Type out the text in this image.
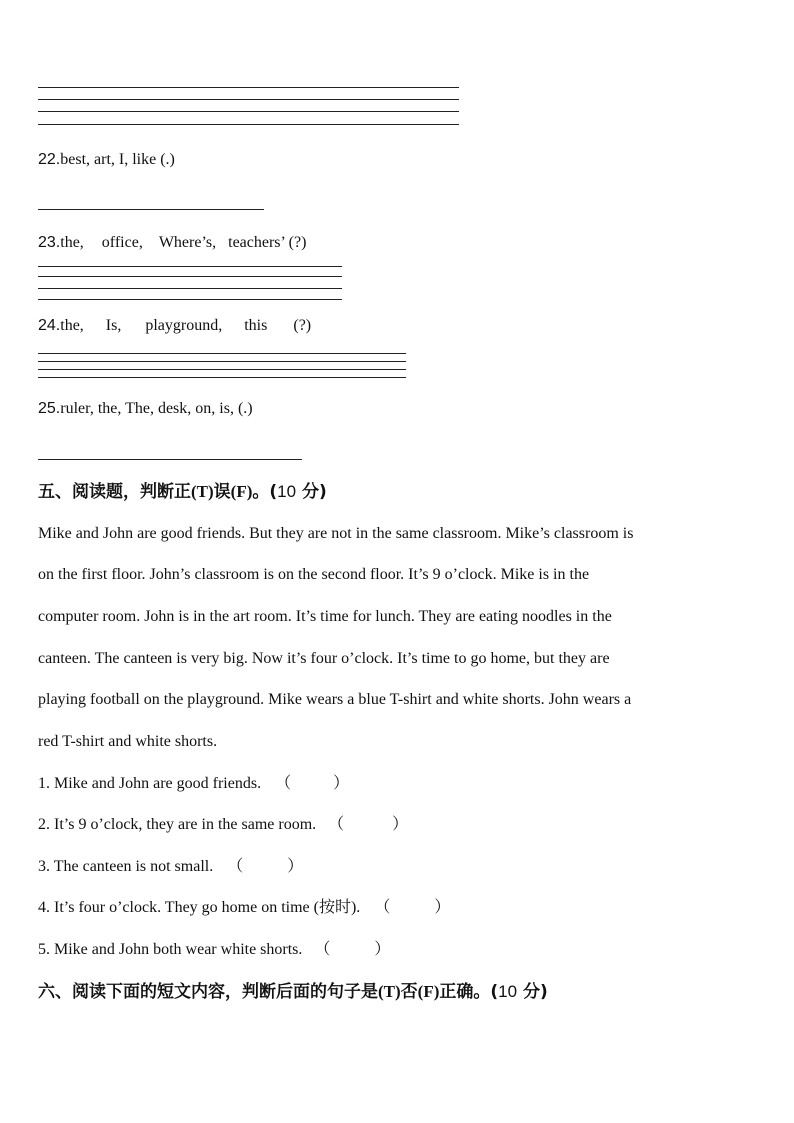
22.best, art, I, like (.)
23.the, office, Where’s, teachers’ (?)
24.the, Is, playground, this (?)
25.ruler, the, The, desk, on, is, (.)
五、阅读题，判断正(T)误(F)。(10 分)
Mike and John are good friends. But they are not in the same classroom. Mike’s classroom is
on the first floor. John’s classroom is on the second floor. It’s 9 o’clock. Mike is in the
computer room. John is in the art room. It’s time for lunch. They are eating noodles in the
canteen. The canteen is very big. Now it’s four o’clock. It’s time to go home, but they are
playing football on the playground. Mike wears a blue T-shirt and white shorts. John wears a
red T-shirt and white shorts.
1. Mike and John are good friends. （	）
2. It’s 9 o’clock, they are in the same room. （	）
3. The canteen is not small. （	）
4. It’s four o’clock. They go home on time (按时). （	）
5. Mike and John both wear white shorts. （	）
六、阅读下面的短文内容，判断后面的句子是(T)否(F)正确。(10 分)
